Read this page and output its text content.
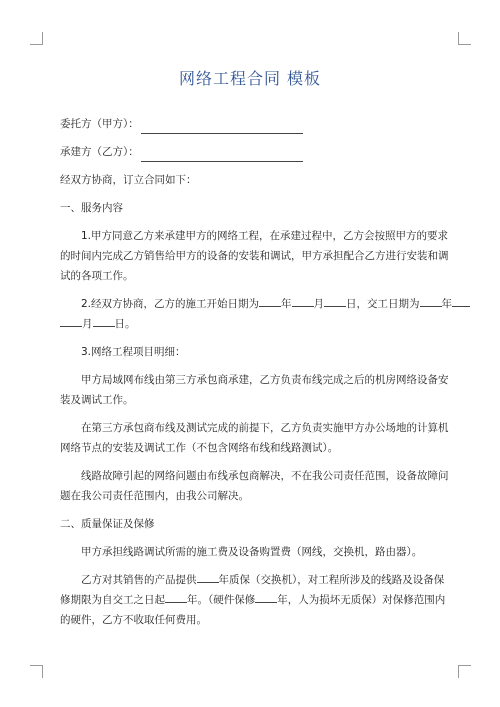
网络工程合同 模板
委托方（甲方）：
承建方（乙方）：
经双方协商，订立合同如下：
一、服务内容
1.甲方同意乙方来承建甲方的网络工程，在承建过程中，乙方会按照甲方的要求
的时间内完成乙方销售给甲方的设备的安装和调试，甲方承担配合乙方进行安装和调
试的各项工作。
2.经双方协商，乙方的施工开始日期为 年 月 日，交工日期为 年
月 日。
3.网络工程项目明细：
甲方局域网布线由第三方承包商承建，乙方负责布线完成之后的机房网络设备安
装及调试工作。
在第三方承包商布线及测试完成的前提下，乙方负责实施甲方办公场地的计算机
网络节点的安装及调试工作（不包含网络布线和线路测试）。
线路故障引起的网络问题由布线承包商解决，不在我公司责任范围，设备故障问
题在我公司责任范围内，由我公司解决。
二、质量保证及保修
甲方承担线路调试所需的施工费及设备购置费（网线，交换机，路由器）。
乙方对其销售的产品提供 年质保（交换机），对工程所涉及的线路及设备保
修期限为自交工之日起 年。（硬件保修 年，人为损坏无质保）对保修范围内
的硬件，乙方不收取任何费用。
